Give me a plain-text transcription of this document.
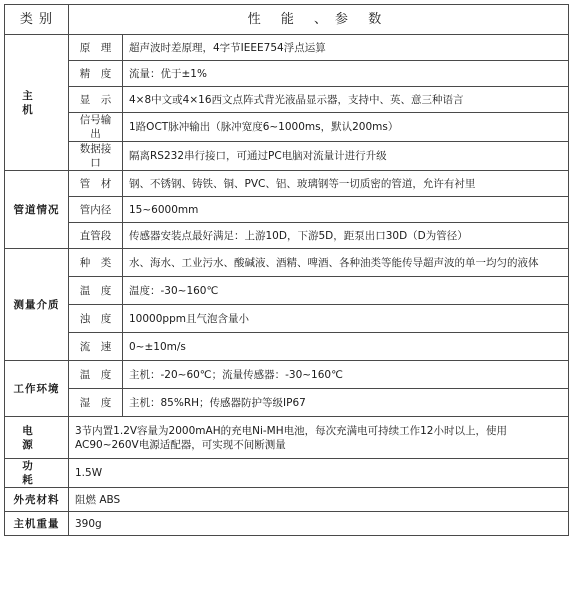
类 别	性 能 、参 数	
主 机	原　理	超声波时差原理，4字节IEEE754浮点运算
	精　度	流量：优于±1%
	显　示	4×8中文或4×16西文点阵式背光液晶显示器，支持中、英、意三种语言
	信号输出	1路OCT脉冲输出（脉冲宽度6~1000ms，默认200ms）
	数据接口	隔离RS232串行接口，可通过PC电脑对流量计进行升级
管道情况	管　材	钢、不锈钢、铸铁、铜、PVC、铝、玻璃钢等一切质密的管道，允许有衬里
	管内径	15~6000mm
	直管段	传感器安装点最好满足：上游10D，下游5D，距泵出口30D（D为管径）
测量介质	种　类	水、海水、工业污水、酸碱液、酒精、啤酒、各种油类等能传导超声波的单一均匀的液体
	温　度	温度：-30~160℃
	浊　度	10000ppm且气泡含量小
	流　速	0~±10m/s
工作环境	温　度	主机：-20~60℃；流量传感器：-30~160℃
	湿　度	主机：85%RH；传感器防护等级IP67
电 源	3节内置1.2V容量为2000mAH的充电Ni-MH电池，每次充满电可持续工作12小时以上，使用AC90~260V电源适配器，可实现不间断测量	
功 耗	1.5W	
外壳材料	阻燃 ABS	
主机重量	390g	
